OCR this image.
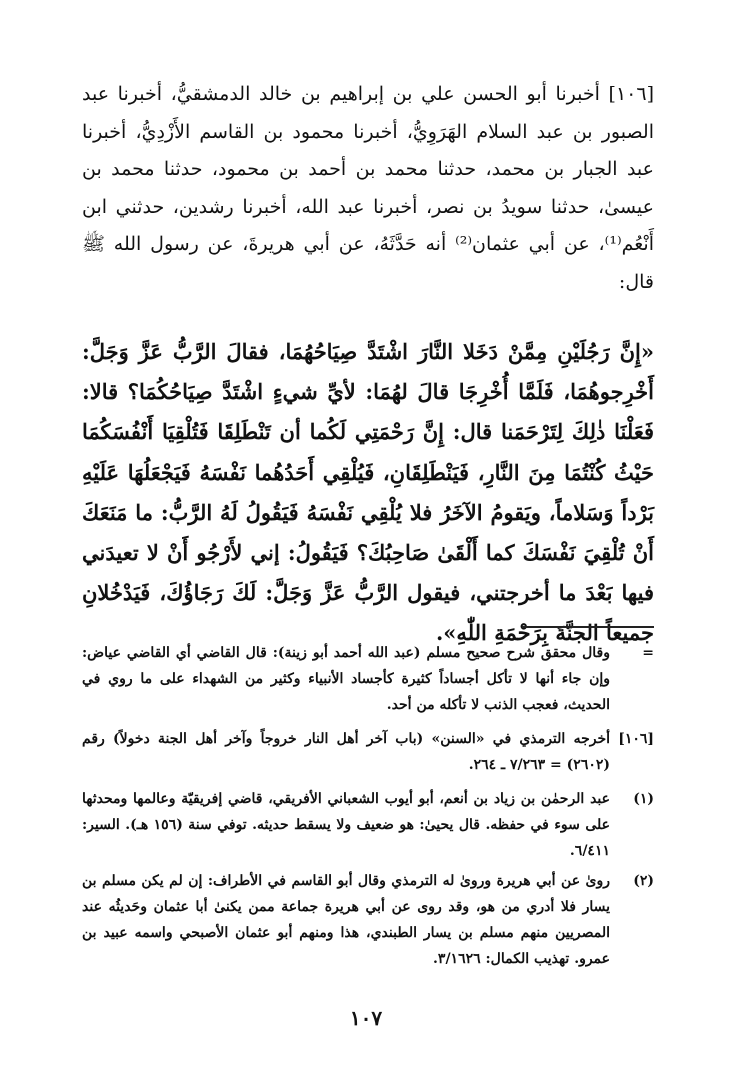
[١٠٦] أخبرنا أبو الحسن علي بن إبراهيم بن خالد الدمشقيُّ، أخبرنا عبد الصبور بن عبد السلام الهَرَوِيُّ، أخبرنا محمود بن القاسم الأَزْدِيُّ، أخبرنا عبد الجبار بن محمد، حدثنا محمد بن أحمد بن محمود، حدثنا محمد بن عيسىٰ، حدثنا سويدُ بن نصر، أخبرنا عبد الله، أخبرنا رشدين، حدثني ابن أَنْعُم⁽¹⁾، عن أبي عثمان⁽²⁾ أنه حَدَّثَهُ، عن أبي هريرةَ، عن رسول الله ﷺ قال:
«إِنَّ رَجُلَيْنِ مِمَّنْ دَخَلا النَّارَ اشْتَدَّ صِيَاحُهُمَا، فقالَ الرَّبُّ عَزَّ وَجَلَّ: أَخْرِجوهُمَا، فَلَمَّا أُخْرِجَا قالَ لهُمَا: لأيِّ شيءٍ اشْتَدَّ صِيَاحُكُمَا؟ قالا: فَعَلْنَا ذٰلِكَ لِتَرْحَمَنا قال: إِنَّ رَحْمَتِي لَكُما أن تَنْطَلِقَا فَتُلْقِيَا أَنْفُسَكُمَا حَيْثُ كُنْتُمَا مِنَ النَّارِ، فَيَنْطَلِقَانِ، فَيُلْقِي أَحَدُهُما نَفْسَهُ فَيَجْعَلُهَا عَلَيْهِ بَرْداً وَسَلاماً، ويَقومُ الآخَرُ فلا يُلْقِي نَفْسَهُ فَيَقُولُ لَهُ الرَّبُّ: ما مَنَعَكَ أَنْ تُلْقِيَ نَفْسَكَ كما أَلْقَىٰ صَاحِبُكَ؟ فَيَقُولُ: إني لأَرْجُو أَنْ لا تعيدَني فيها بَعْدَ ما أخرجتني، فيقول الرَّبُّ عَزَّ وَجَلَّ: لَكَ رَجَاؤُكَ، فَيَدْخُلانِ جميعاً الجنَّةَ بِرَحْمَةِ اللّٰهِ».
=
وقال محقق شرح صحيح مسلم (عبد الله أحمد أبو زينة): قال القاضي أي القاضي عياض: وإن جاء أنها لا تأكل أجساداً كثيرة كأجساد الأنبياء وكثير من الشهداء على ما روي في الحديث، فعجب الذنب لا تأكله من أحد.
[١٠٦]
أخرجه الترمذي في «السنن» (باب آخر أهل النار خروجاً وآخر أهل الجنة دخولاً) رقم (٢٦٠٢) = ٧/٢٦٣ ـ ٢٦٤.
(١)
عبد الرحمٰن بن زياد بن أنعم، أبو أيوب الشعباني الأفريقي، قاضي إفريقيّة وعالمها ومحدثها على سوء في حفظه. قال يحيىٰ: هو ضعيف ولا يسقط حديثه. توفي سنة (١٥٦ هـ). السير: ٦/٤١١.
(٢)
روىٰ عن أبي هريرة وروىٰ له الترمذي وقال أبو القاسم في الأطراف: إن لم يكن مسلم بن يسار فلا أدري من هو، وقد روى عن أبي هريرة جماعة ممن يكنىٰ أبا عثمان وحَديثُه عند المصريين منهم مسلم بن يسار الطبندي، هذا ومنهم أبو عثمان الأصبحي واسمه عبيد بن عمرو. تهذيب الكمال: ٣/١٦٢٦.
١٠٧
